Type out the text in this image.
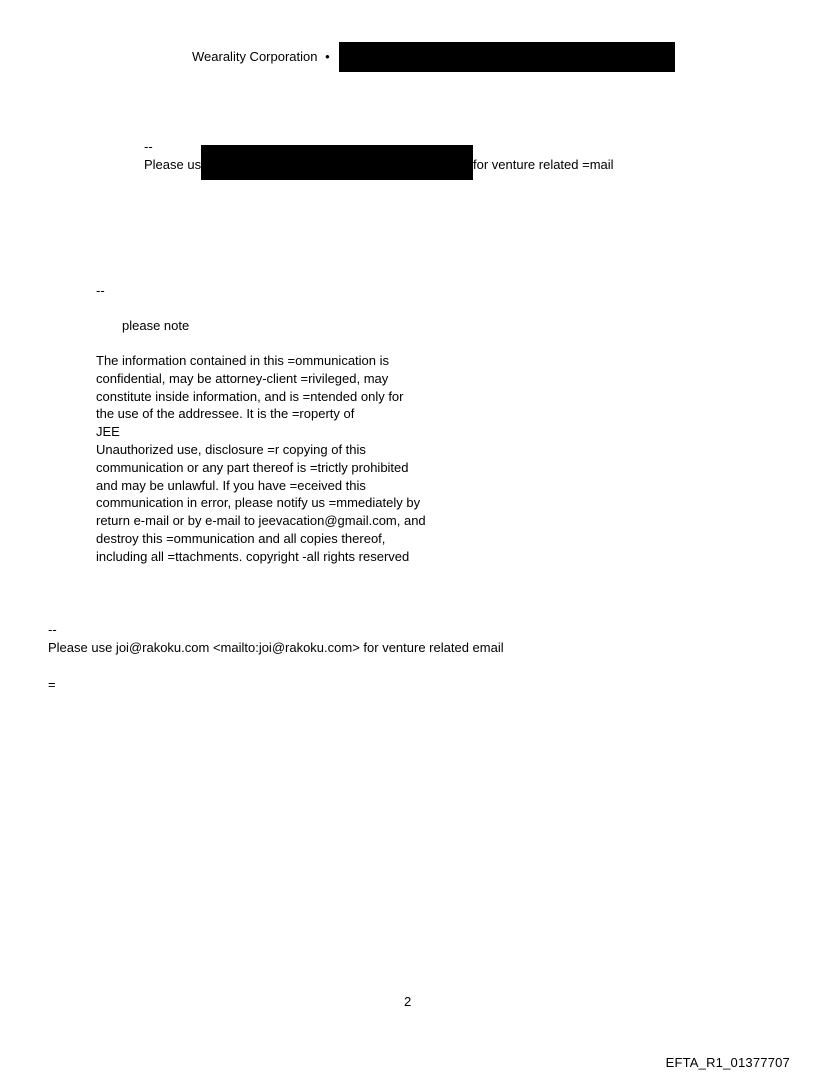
Wearality Corporation •
--
Please us	for venture related =mail
--
please note
The information contained in this =ommunication is
confidential, may be attorney-client =rivileged, may
constitute inside information, and is =ntended only for
the use of the addressee. It is the =roperty of
JEE
Unauthorized use, disclosure =r copying of this
communication or any part thereof is =trictly prohibited
and may be unlawful. If you have =eceived this
communication in error, please notify us =mmediately by
return e-mail or by e-mail to jeevacation@gmail.com, and
destroy this =ommunication and all copies thereof,
including all =ttachments. copyright -all rights reserved
--
Please use joi@rakoku.com <mailto:joi@rakoku.com> for venture related email
=
2
EFTA_R1_01377707
